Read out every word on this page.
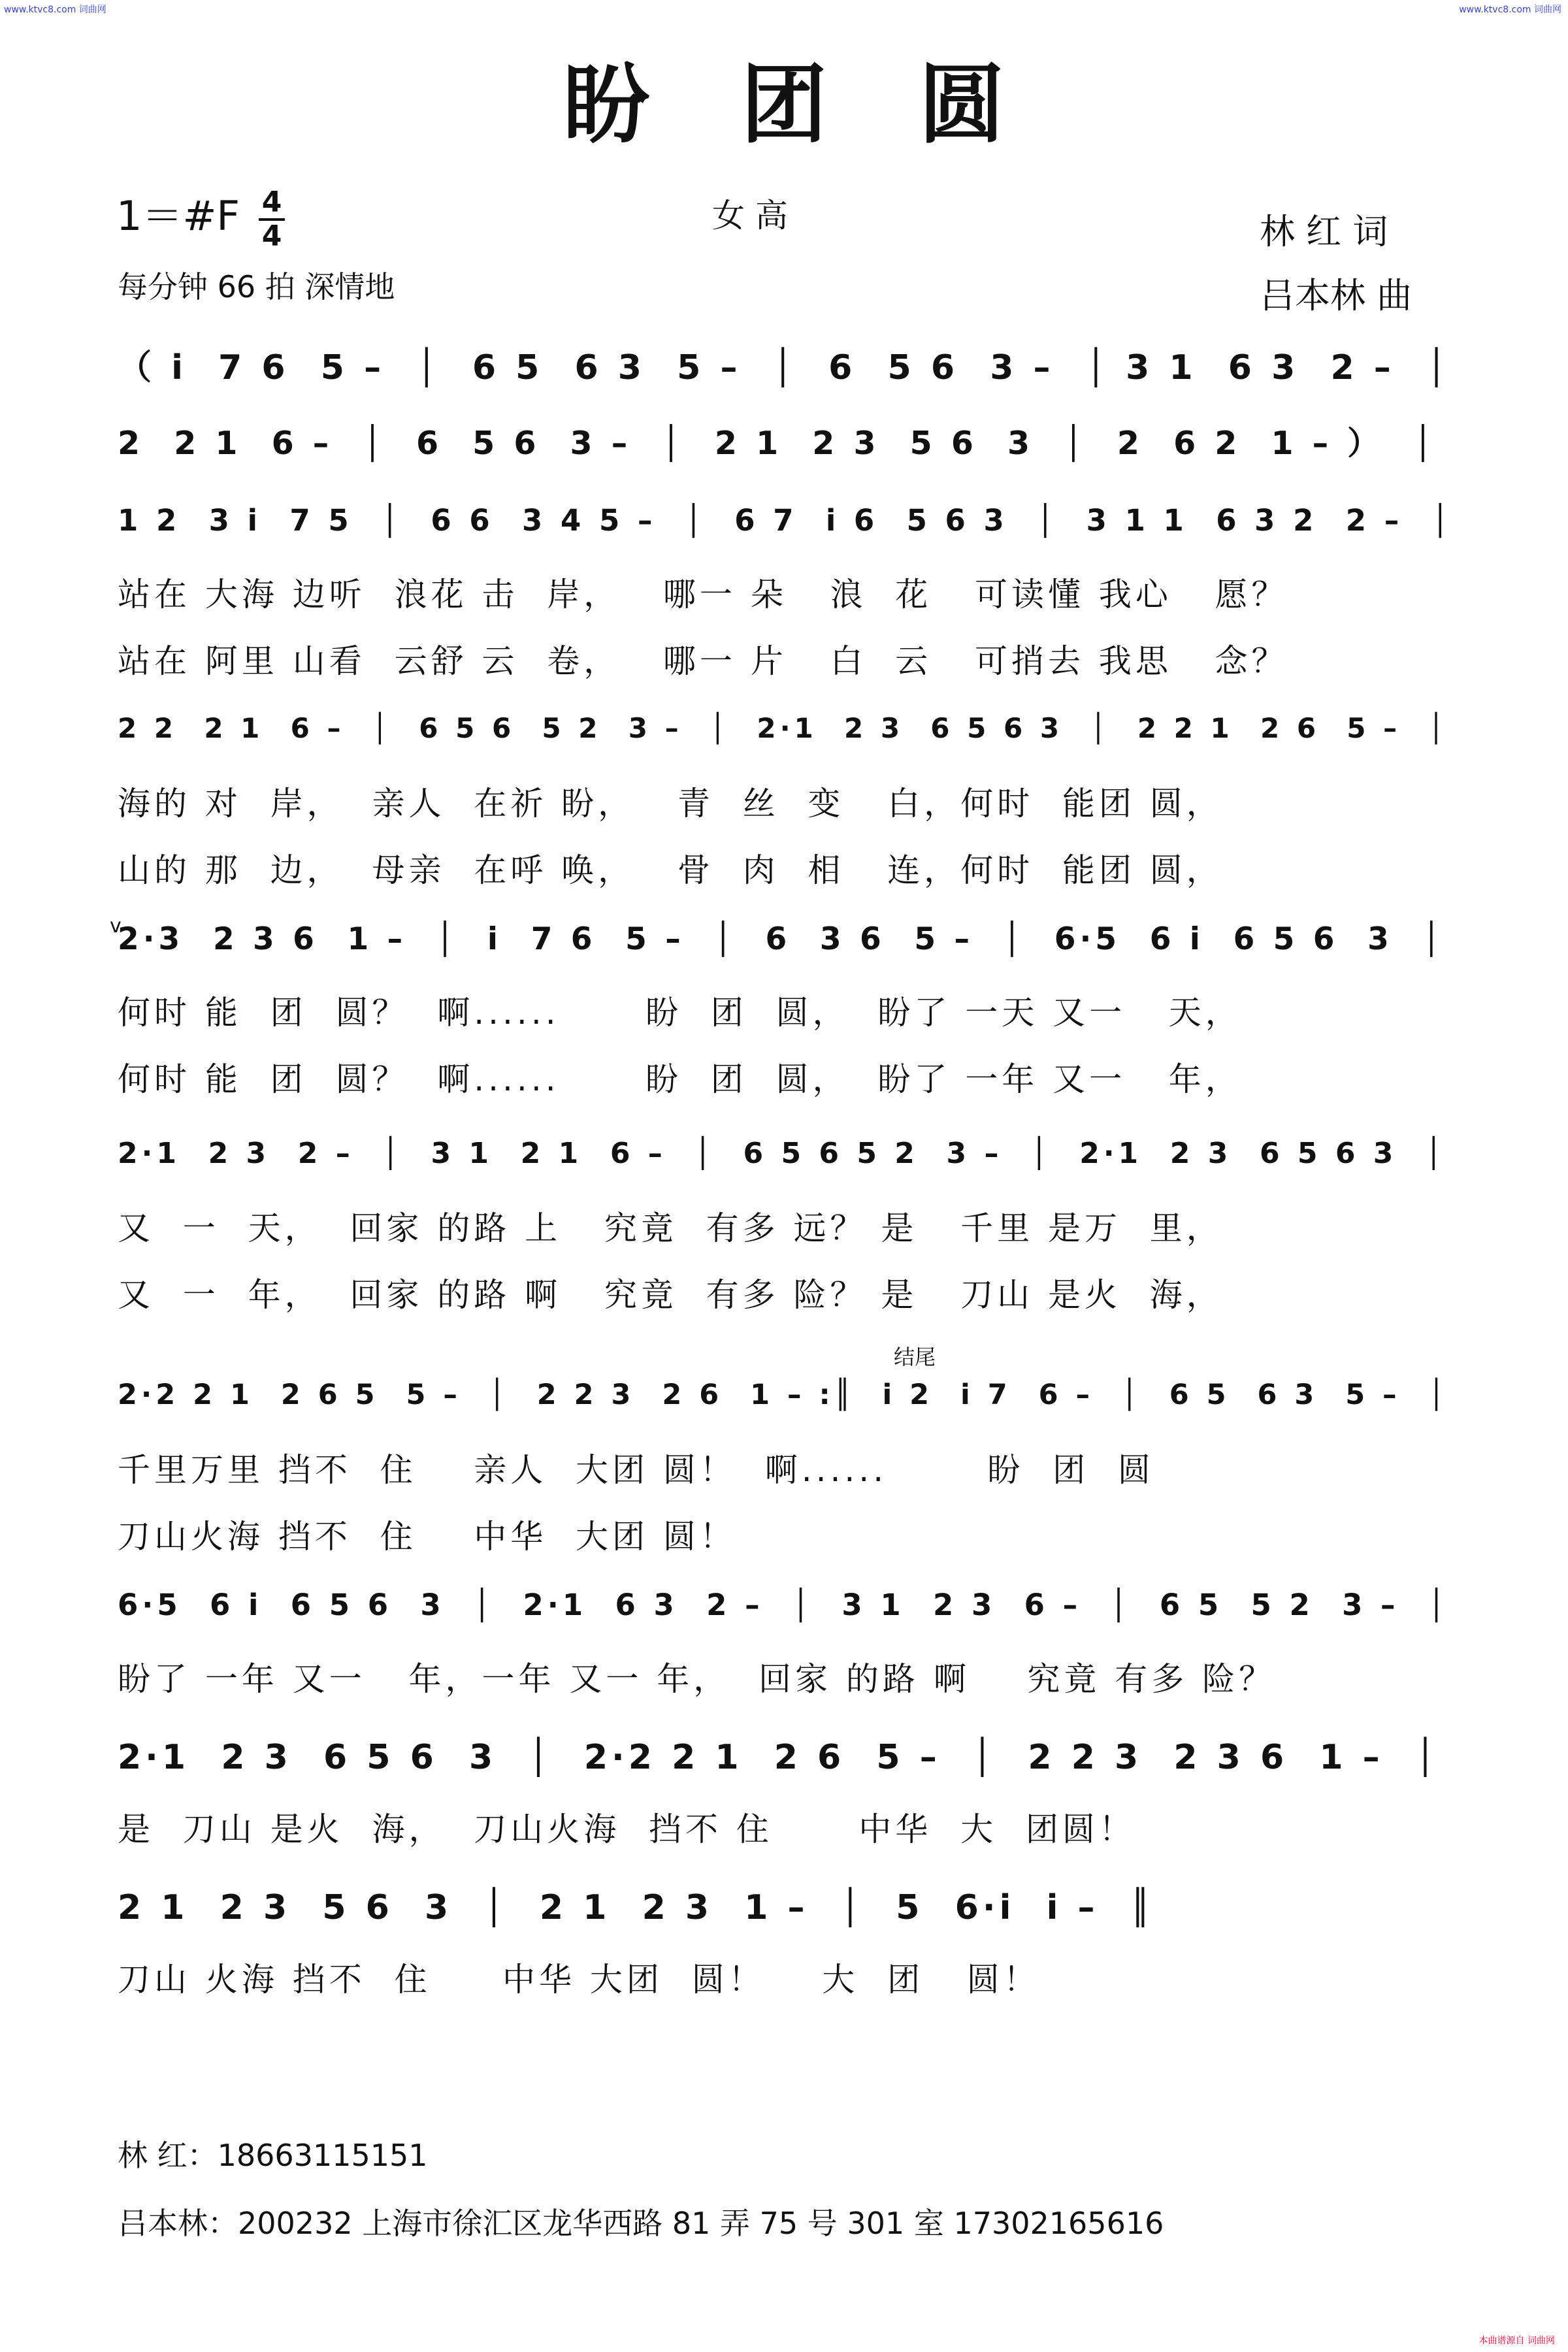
www.ktvc8.com 词曲网	www.ktvc8.com 词曲网
本曲谱源自 词曲网
盼团圆
1＝#F 4
4
女 高	林 红 词
每分钟 66 拍 深情地	吕本林 曲
（ i  7 6  5 –  │  6 5  6 3  5 –  │  6  5 6  3 –  │ 3 1  6 3  2 –  │
2  2 1  6 –  │  6  5 6  3 –  │  2 1  2 3  5 6  3  │  2  6 2  1 – ）  │
1 2  3 i  7 5  │  6 6  3 4 5 –  │  6 7  i 6  5 6 3  │  3 1 1  6 3 2  2 –  │
站在 大海 边听  浪花 击  岸，   哪一 朵   浪  花   可读懂 我心   愿？
站在 阿里 山看  云舒 云  卷，   哪一 片   白  云   可捎去 我思   念？
2 2  2 1  6 –  │  6 5 6  5 2  3 –  │  2·1  2 3  6 5 6 3  │  2 2 1  2 6  5 –  │
海的 对  岸，  亲人  在祈 盼，   青  丝  变   白，何时  能团 圆，
山的 那  边，  母亲  在呼 唤，   骨  肉  相   连，何时  能团 圆，
2·3  2 3 6  1 –  │  i  7 6  5 –  │  6  3 6  5 –  │  6·5  6 i  6 5 6  3  │
何时 能  团  圆？  啊......      盼  团  圆，  盼了 一天 又一   天，
何时 能  团  圆？  啊......      盼  团  圆，  盼了 一年 又一   年，
2·1  2 3  2 –  │  3 1  2 1  6 –  │  6 5 6 5 2  3 –  │  2·1  2 3  6 5 6 3  │
又  一  天，  回家 的路 上   究竟  有多 远？ 是   千里 是万  里，
又  一  年，  回家 的路 啊   究竟  有多 险？ 是   刀山 是火  海，
2·2 2 1  2 6 5  5 –  │  2 2 3  2 6  1 – :║  i 2  i 7  6 –  │  6 5  6 3  5 –  │
千里万里 挡不  住    亲人  大团 圆！  啊......       盼  团  圆
刀山火海 挡不  住    中华  大团 圆！
6·5  6 i  6 5 6  3  │  2·1  6 3  2 –  │  3 1  2 3  6 –  │  6 5  5 2  3 –  │
盼了 一年 又一   年，一年 又一 年，  回家 的路 啊    究竟 有多 险？
2·1  2 3  6 5 6  3  │  2·2 2 1  2 6  5 –  │  2 2 3  2 3 6  1 –  │
是  刀山 是火  海，  刀山火海  挡不 住      中华  大  团圆！
2 1  2 3  5 6  3  │  2 1  2 3  1 –  │  5  6·i  i –  ║
刀山 火海 挡不  住     中华 大团  圆！    大  团   圆！
结尾
v
林 红：18663115151
吕本林：200232 上海市徐汇区龙华西路 81 弄 75 号 301 室 17302165616
